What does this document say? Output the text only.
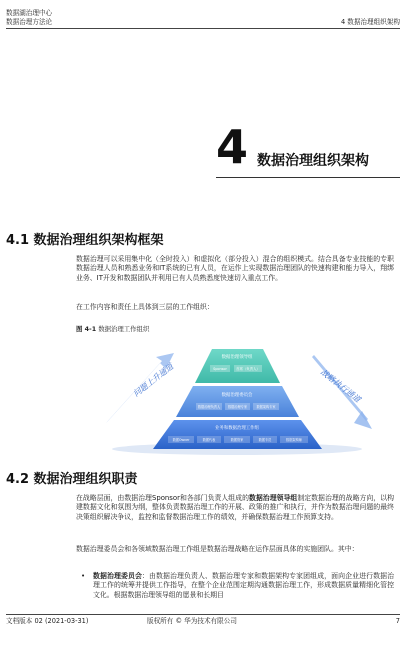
数据湖治理中心
数据治理方法论	4 数据治理组织架构
4 数据治理组织架构
4.1 数据治理组织架构框架
数据治理可以采用集中化（全时投入）和虚拟化（部分投入）混合的组织模式。结合具备专业技能的专职数据治理人员和熟悉业务和IT系统的已有人员，在运作上实现数据治理团队的快速构建和能力导入，翔绑业务、IT开发和数据团队并利用已有人员熟悉度快速切入重点工作。
在工作内容和责任上具体到三层的工作组织：
图 4-1 数据治理工作组织
问题上升通道	战略执行通道
数据治理领导组
Sponsor	首席（负责人）
数据治理委员会
数据治理负责人 数据治理专家	数据架构专家
业务和数据治理工作组
数据Owner	数据代表	数据管家	数据专员	数据架构师
4.2 数据治理组织职责
在战略层面，由数据治理Sponsor和各部门负责人组成的数据治理领导组制定数据治理的战略方向，以构建数据文化和氛围为纲，整体负责数据治理工作的开展、政策的推广和执行，并作为数据治理问题的最终决策组织解决争议，监控和监督数据治理工作的绩效，并确保数据治理工作预算支持。
数据治理委员会和各领域数据治理工作组是数据治理战略在运作层面具体的实施团队。其中：
• 数据治理委员会：由数据治理负责人、数据治理专家和数据架构专家团组成，面向企业进行数据治理工作的统筹并提供工作指导，在整个企业范围定期沟通数据治理工作，形成数据质量精细化管控文化。根据数据治理领导组的愿景和长期目
文档版本 02 (2021-03-31)	版权所有 © 华为技术有限公司	7
